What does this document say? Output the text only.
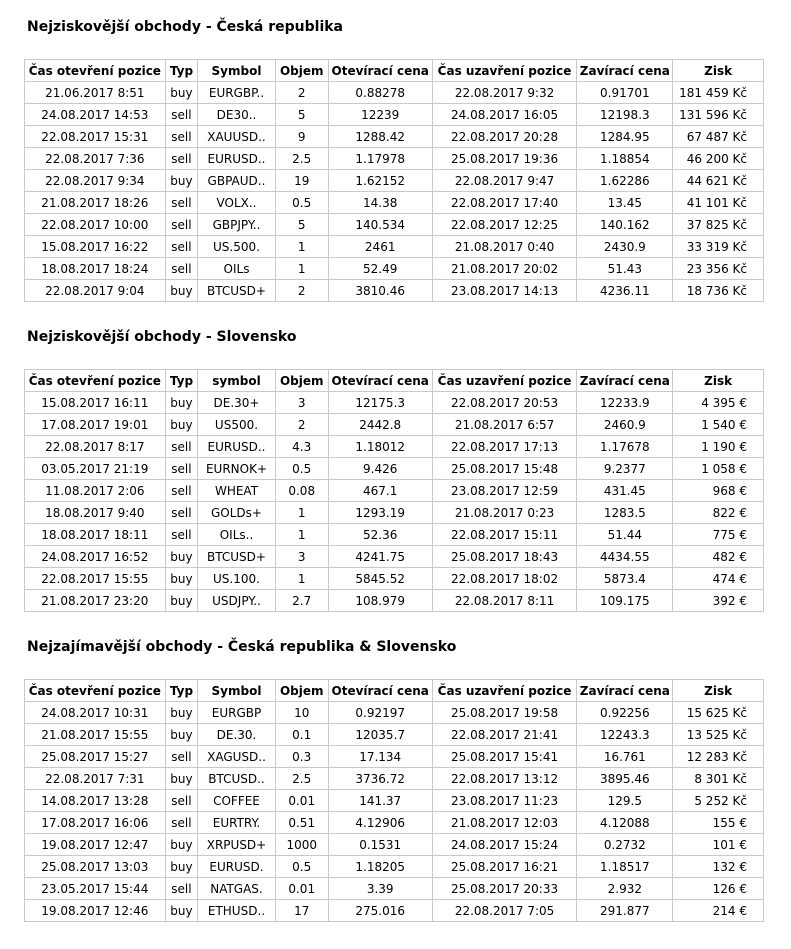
Nejziskovější obchody - Česká republika
Čas otevření pozice	Typ	Symbol	Objem	Otevírací cena	Čas uzavření pozice	Zavírací cena	Zisk
21.06.2017 8:51	buy	EURGBP..	2	0.88278	22.08.2017 9:32	0.91701	181 459 Kč
24.08.2017 14:53	sell	DE30..	5	12239	24.08.2017 16:05	12198.3	131 596 Kč
22.08.2017 15:31	sell	XAUUSD..	9	1288.42	22.08.2017 20:28	1284.95	67 487 Kč
22.08.2017 7:36	sell	EURUSD..	2.5	1.17978	25.08.2017 19:36	1.18854	46 200 Kč
22.08.2017 9:34	buy	GBPAUD..	19	1.62152	22.08.2017 9:47	1.62286	44 621 Kč
21.08.2017 18:26	sell	VOLX..	0.5	14.38	22.08.2017 17:40	13.45	41 101 Kč
22.08.2017 10:00	sell	GBPJPY..	5	140.534	22.08.2017 12:25	140.162	37 825 Kč
15.08.2017 16:22	sell	US.500.	1	2461	21.08.2017 0:40	2430.9	33 319 Kč
18.08.2017 18:24	sell	OILs	1	52.49	21.08.2017 20:02	51.43	23 356 Kč
22.08.2017 9:04	buy	BTCUSD+	2	3810.46	23.08.2017 14:13	4236.11	18 736 Kč
Nejziskovější obchody - Slovensko
Čas otevření pozice	Typ	symbol	Objem	Otevírací cena	Čas uzavření pozice	Zavírací cena	Zisk
15.08.2017 16:11	buy	DE.30+	3	12175.3	22.08.2017 20:53	12233.9	4 395 €
17.08.2017 19:01	buy	US500.	2	2442.8	21.08.2017 6:57	2460.9	1 540 €
22.08.2017 8:17	sell	EURUSD..	4.3	1.18012	22.08.2017 17:13	1.17678	1 190 €
03.05.2017 21:19	sell	EURNOK+	0.5	9.426	25.08.2017 15:48	9.2377	1 058 €
11.08.2017 2:06	sell	WHEAT	0.08	467.1	23.08.2017 12:59	431.45	968 €
18.08.2017 9:40	sell	GOLDs+	1	1293.19	21.08.2017 0:23	1283.5	822 €
18.08.2017 18:11	sell	OILs..	1	52.36	22.08.2017 15:11	51.44	775 €
24.08.2017 16:52	buy	BTCUSD+	3	4241.75	25.08.2017 18:43	4434.55	482 €
22.08.2017 15:55	buy	US.100.	1	5845.52	22.08.2017 18:02	5873.4	474 €
21.08.2017 23:20	buy	USDJPY..	2.7	108.979	22.08.2017 8:11	109.175	392 €
Nejzajímavější obchody - Česká republika & Slovensko
Čas otevření pozice	Typ	Symbol	Objem	Otevírací cena	Čas uzavření pozice	Zavírací cena	Zisk
24.08.2017 10:31	buy	EURGBP	10	0.92197	25.08.2017 19:58	0.92256	15 625 Kč
21.08.2017 15:55	buy	DE.30.	0.1	12035.7	22.08.2017 21:41	12243.3	13 525 Kč
25.08.2017 15:27	sell	XAGUSD..	0.3	17.134	25.08.2017 15:41	16.761	12 283 Kč
22.08.2017 7:31	buy	BTCUSD..	2.5	3736.72	22.08.2017 13:12	3895.46	8 301 Kč
14.08.2017 13:28	sell	COFFEE	0.01	141.37	23.08.2017 11:23	129.5	5 252 Kč
17.08.2017 16:06	sell	EURTRY.	0.51	4.12906	21.08.2017 12:03	4.12088	155 €
19.08.2017 12:47	buy	XRPUSD+	1000	0.1531	24.08.2017 15:24	0.2732	101 €
25.08.2017 13:03	buy	EURUSD.	0.5	1.18205	25.08.2017 16:21	1.18517	132 €
23.05.2017 15:44	sell	NATGAS.	0.01	3.39	25.08.2017 20:33	2.932	126 €
19.08.2017 12:46	buy	ETHUSD..	17	275.016	22.08.2017 7:05	291.877	214 €
